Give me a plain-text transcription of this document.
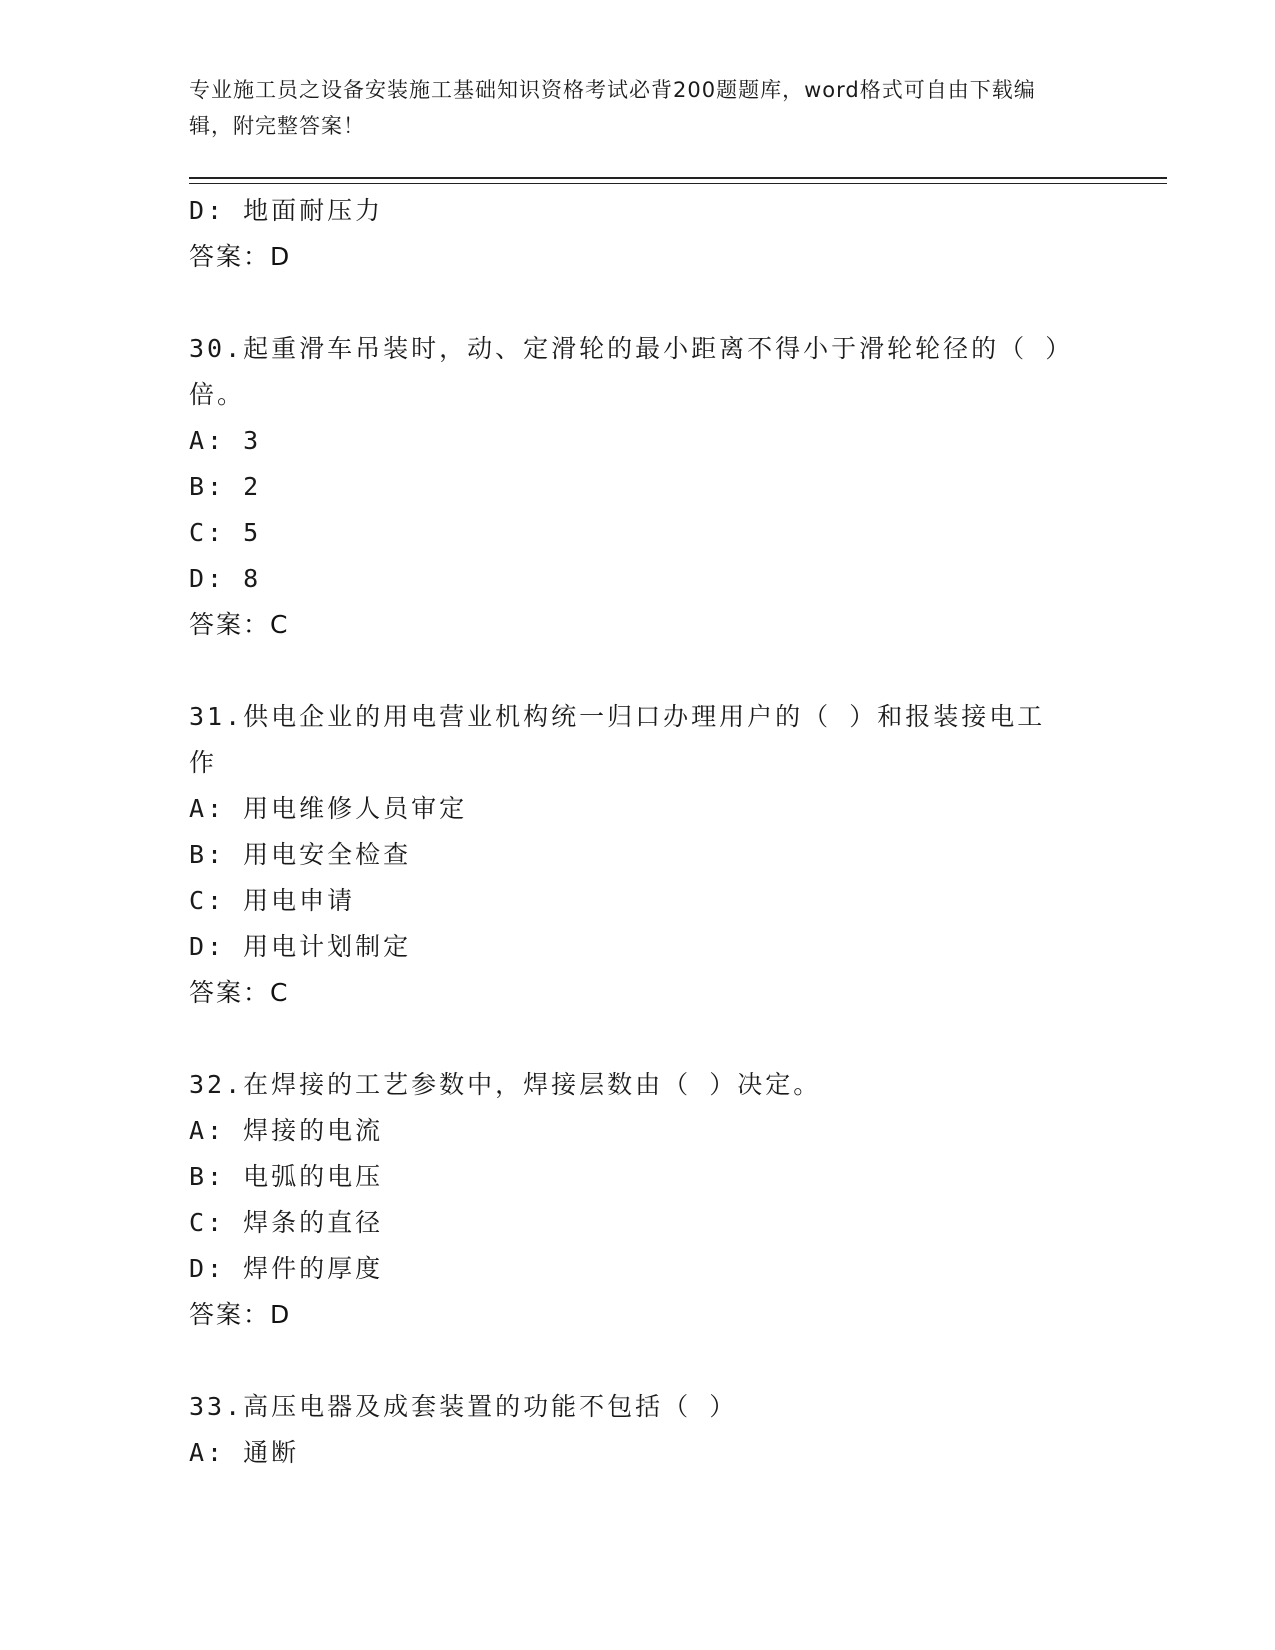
专业施工员之设备安装施工基础知识资格考试必背200题题库，word格式可自由下载编辑，附完整答案！
D: 地面耐压力
答案：D
30.起重滑车吊装时，动、定滑轮的最小距离不得小于滑轮轮径的（ ）倍。
A: 3
B: 2
C: 5
D: 8
答案：C
31.供电企业的用电营业机构统一归口办理用户的（ ）和报装接电工作
A: 用电维修人员审定
B: 用电安全检查
C: 用电申请
D: 用电计划制定
答案：C
32.在焊接的工艺参数中，焊接层数由（ ）决定。
A: 焊接的电流
B: 电弧的电压
C: 焊条的直径
D: 焊件的厚度
答案：D
33.高压电器及成套装置的功能不包括（ ）
A: 通断
